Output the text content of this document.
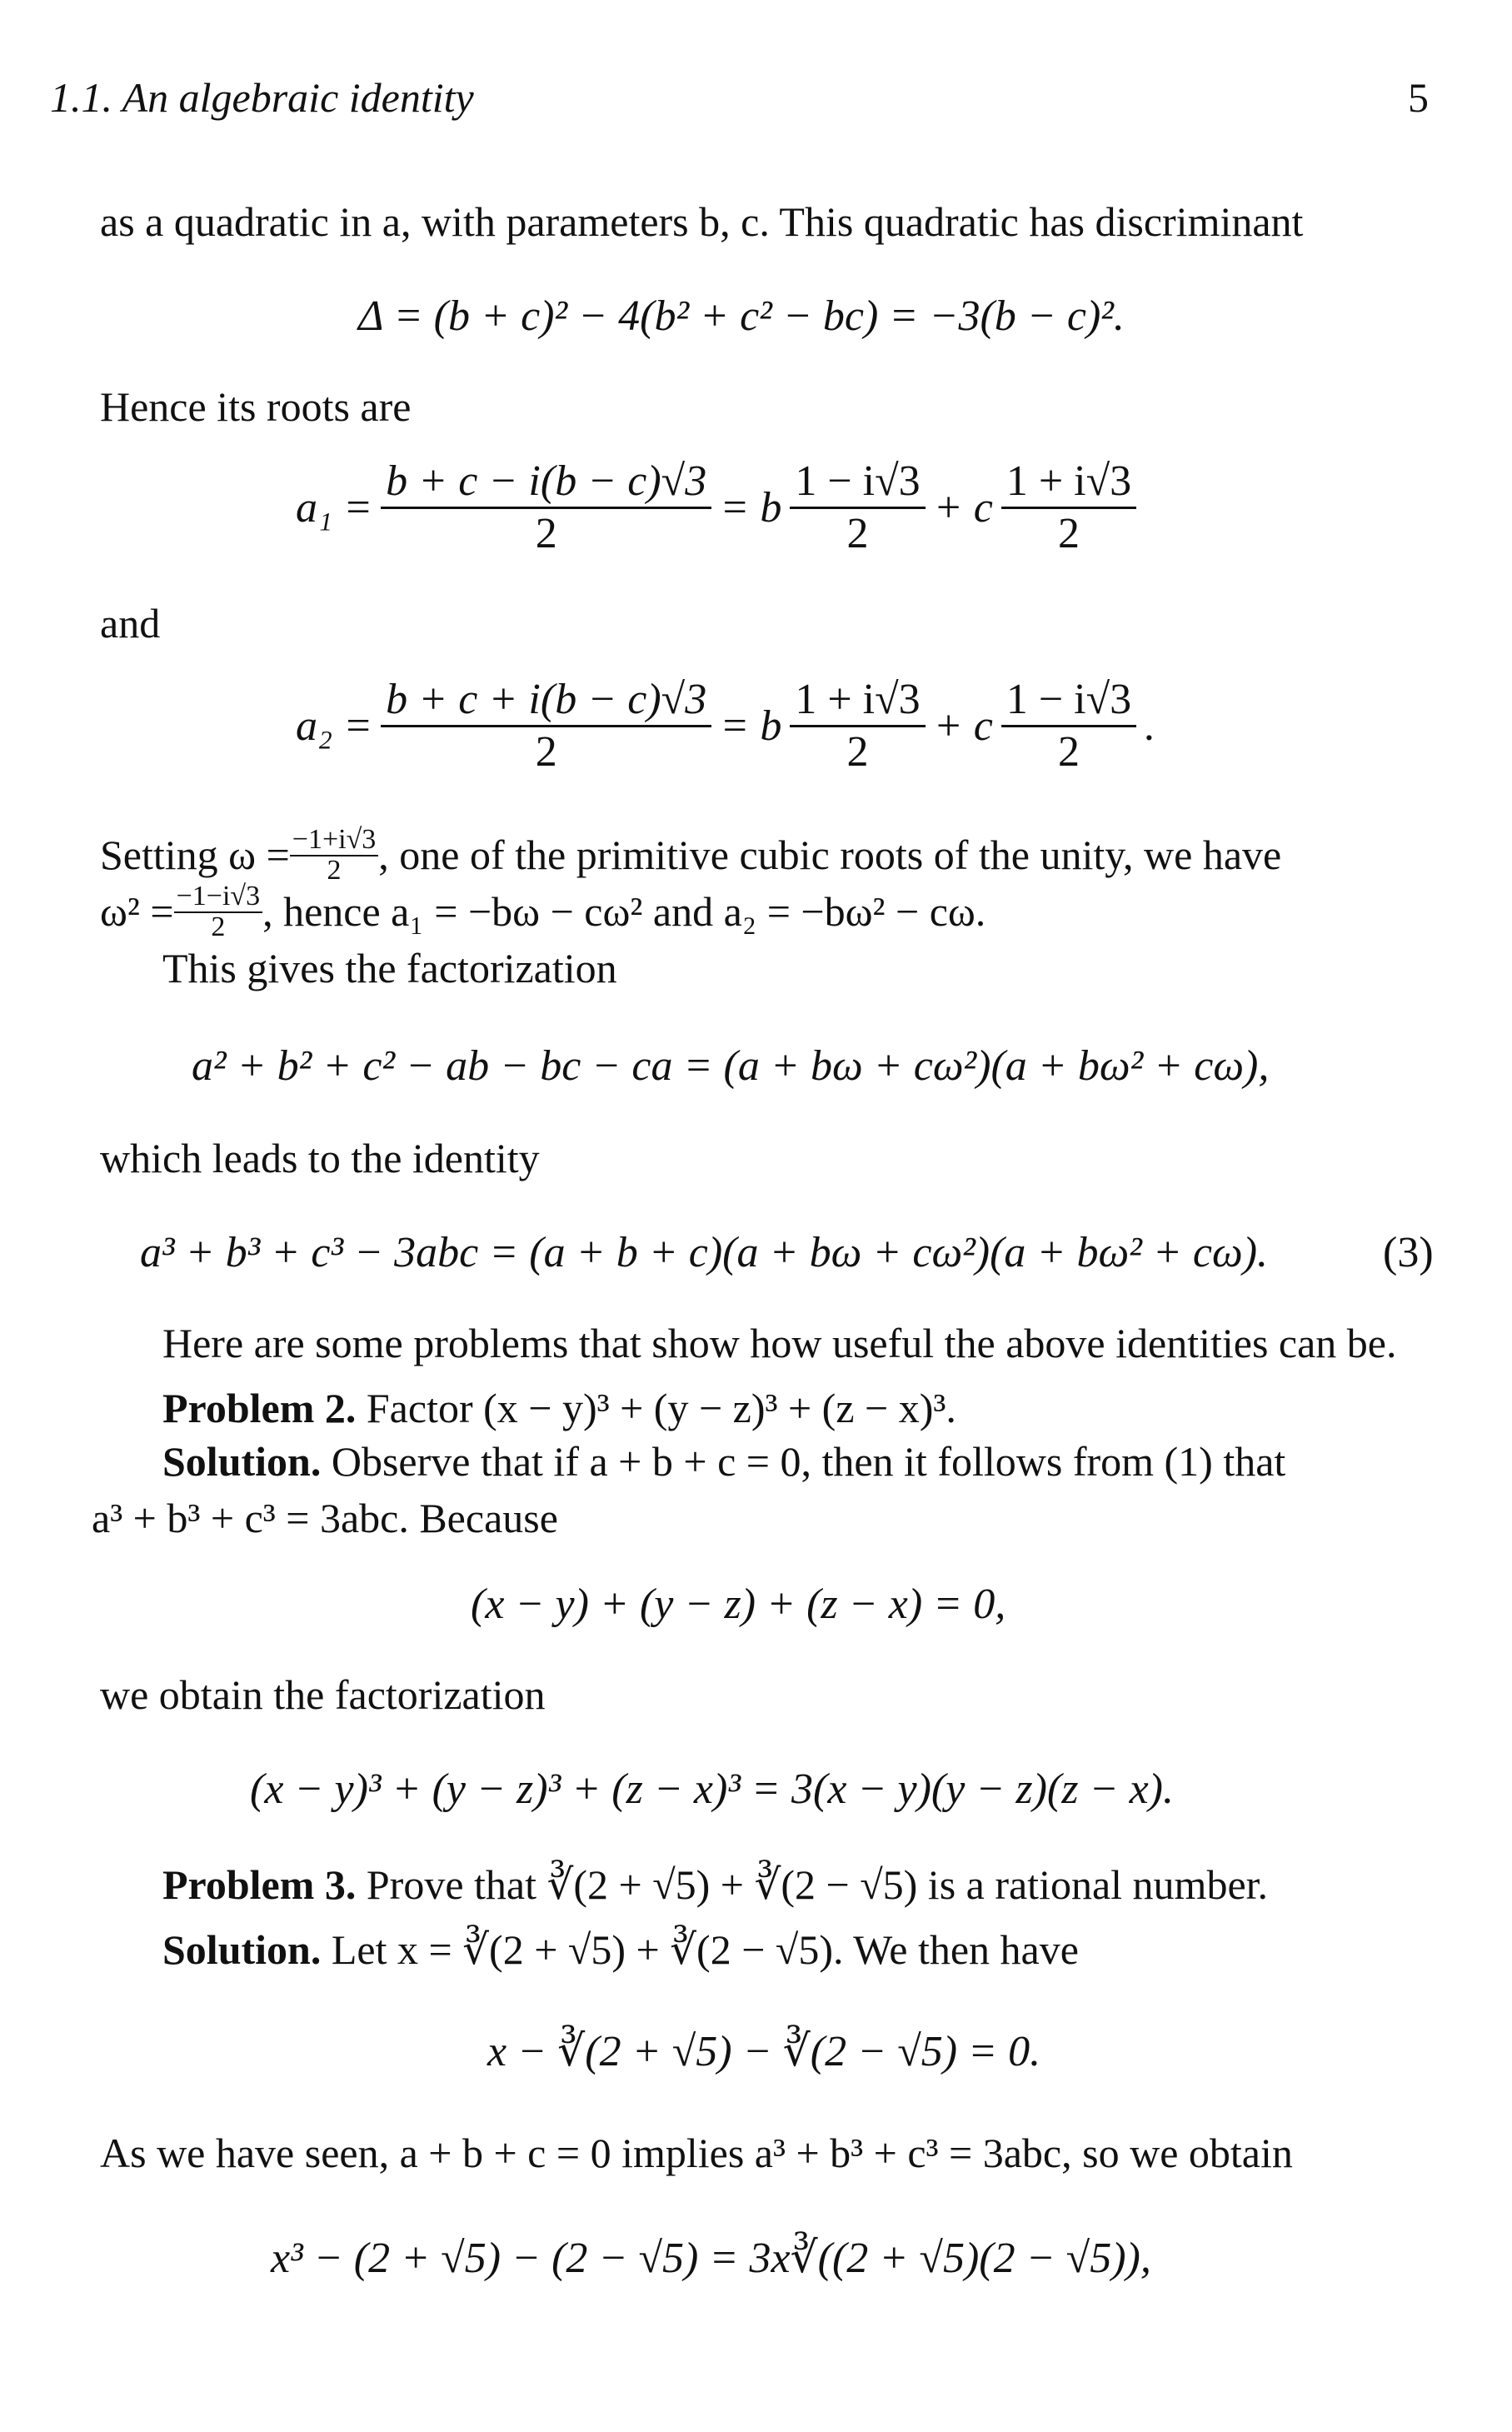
1.1. An algebraic identity	5
as a quadratic in a, with parameters b, c. This quadratic has discriminant
Δ = (b + c)² − 4(b² + c² − bc) = −3(b − c)².
Hence its roots are
$a_1 = \frac{b + c - i(b - c)√3}{2} = b \frac{1 - i√3}{2} + c \frac{1 + i√3}{2}$
and
$a_2 = \frac{b + c + i(b - c)√3}{2} = b \frac{1 + i√3}{2} + c \frac{1 - i√3}{2}$ .
Setting $\omega = \frac{-1+i√3}{2}$ , one of the primitive cubic roots of the unity, we have
$\omega^2 = \frac{-1-i√3}{2}$ , hence a₁ = −bω − cω² and a₂ = −bω² − cω.
This gives the factorization
a² + b² + c² − ab − bc − ca = (a + bω + cω²)(a + bω² + cω),
which leads to the identity
a³ + b³ + c³ − 3abc = (a + b + c)(a + bω + cω²)(a + bω² + cω).	(3)
Here are some problems that show how useful the above identities can be.
Problem 2. Factor (x − y)³ + (y − z)³ + (z − x)³.
Solution. Observe that if a + b + c = 0, then it follows from (1) that
a³ + b³ + c³ = 3abc. Because
(x − y) + (y − z) + (z − x) = 0,
we obtain the factorization
(x − y)³ + (y − z)³ + (z − x)³ = 3(x − y)(y − z)(z − x).
Problem 3. Prove that ∛(2 + √5) + ∛(2 − √5) is a rational number.
Solution. Let x = ∛(2 + √5) + ∛(2 − √5). We then have
x − ∛(2 + √5) − ∛(2 − √5) = 0.
As we have seen, a + b + c = 0 implies a³ + b³ + c³ = 3abc, so we obtain
x³ − (2 + √5) − (2 − √5) = 3x∛((2 + √5)(2 − √5)),
